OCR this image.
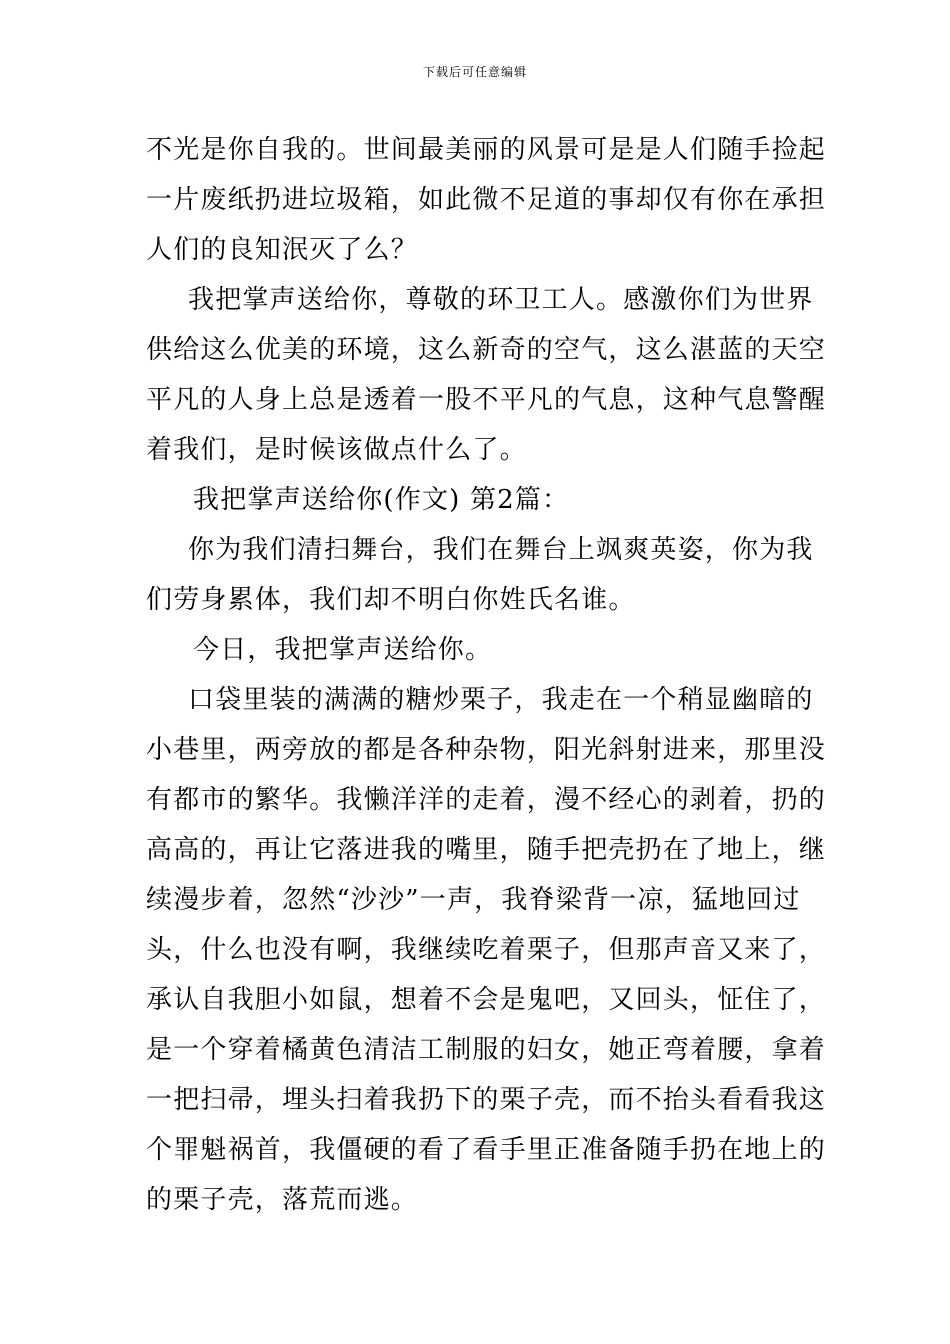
下载后可任意编辑
不光是你自我的。世间最美丽的风景可是是人们随手捡起
一片废纸扔进垃圾箱，如此微不足道的事却仅有你在承担
人们的良知泯灭了么？
我把掌声送给你，尊敬的环卫工人。感激你们为世界
供给这么优美的环境，这么新奇的空气，这么湛蓝的天空
平凡的人身上总是透着一股不平凡的气息，这种气息警醒
着我们，是时候该做点什么了。
我把掌声送给你(作文) 第2篇：
你为我们清扫舞台，我们在舞台上飒爽英姿，你为我
们劳身累体，我们却不明白你姓氏名谁。
今日，我把掌声送给你。
口袋里装的满满的糖炒栗子，我走在一个稍显幽暗的
小巷里，两旁放的都是各种杂物，阳光斜射进来，那里没
有都市的繁华。我懒洋洋的走着，漫不经心的剥着，扔的
高高的，再让它落进我的嘴里，随手把壳扔在了地上，继
续漫步着，忽然“沙沙”一声，我脊梁背一凉，猛地回过
头，什么也没有啊，我继续吃着栗子，但那声音又来了，
承认自我胆小如鼠，想着不会是鬼吧，又回头，怔住了，
是一个穿着橘黄色清洁工制服的妇女，她正弯着腰，拿着
一把扫帚，埋头扫着我扔下的栗子壳，而不抬头看看我这
个罪魁祸首，我僵硬的看了看手里正准备随手扔在地上的
的栗子壳，落荒而逃。
